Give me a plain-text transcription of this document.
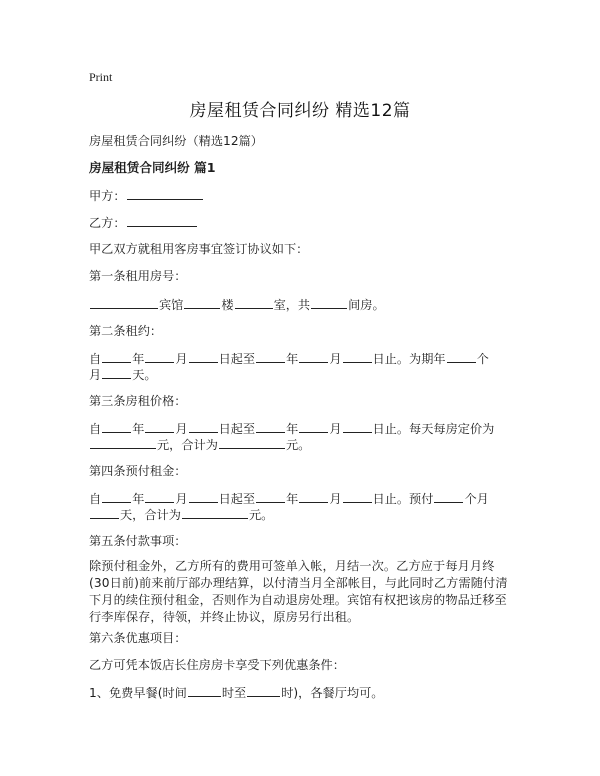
Print
房屋租赁合同纠纷 精选12篇
房屋租赁合同纠纷（精选12篇）
房屋租赁合同纠纷 篇1
甲方：
乙方：
甲乙双方就租用客房事宜签订协议如下：
第一条租用房号：
宾馆	楼	室，共	间房。
第二条租约：
自	年	月	日起至	年	月	日止。为期年	个
月	天。
第三条房租价格：
自	年	月	日起至	年	月	日止。每天每房定价为
元，合计为	元。
第四条预付租金：
自	年	月	日起至	年	月	日止。预付	个月
天，合计为	元。
第五条付款事项：
除预付租金外，乙方所有的费用可签单入帐，月结一次。乙方应于每月月终(30日前)前来前厅部办理结算，以付清当月全部帐目，与此同时乙方需随付清下月的续住预付租金，否则作为自动退房处理。宾馆有权把该房的物品迁移至行李库保存，待领，并终止协议，原房另行出租。
第六条优惠项目：
乙方可凭本饭店长住房房卡享受下列优惠条件：
1、免费早餐(时间	时至	时)，各餐厅均可。
